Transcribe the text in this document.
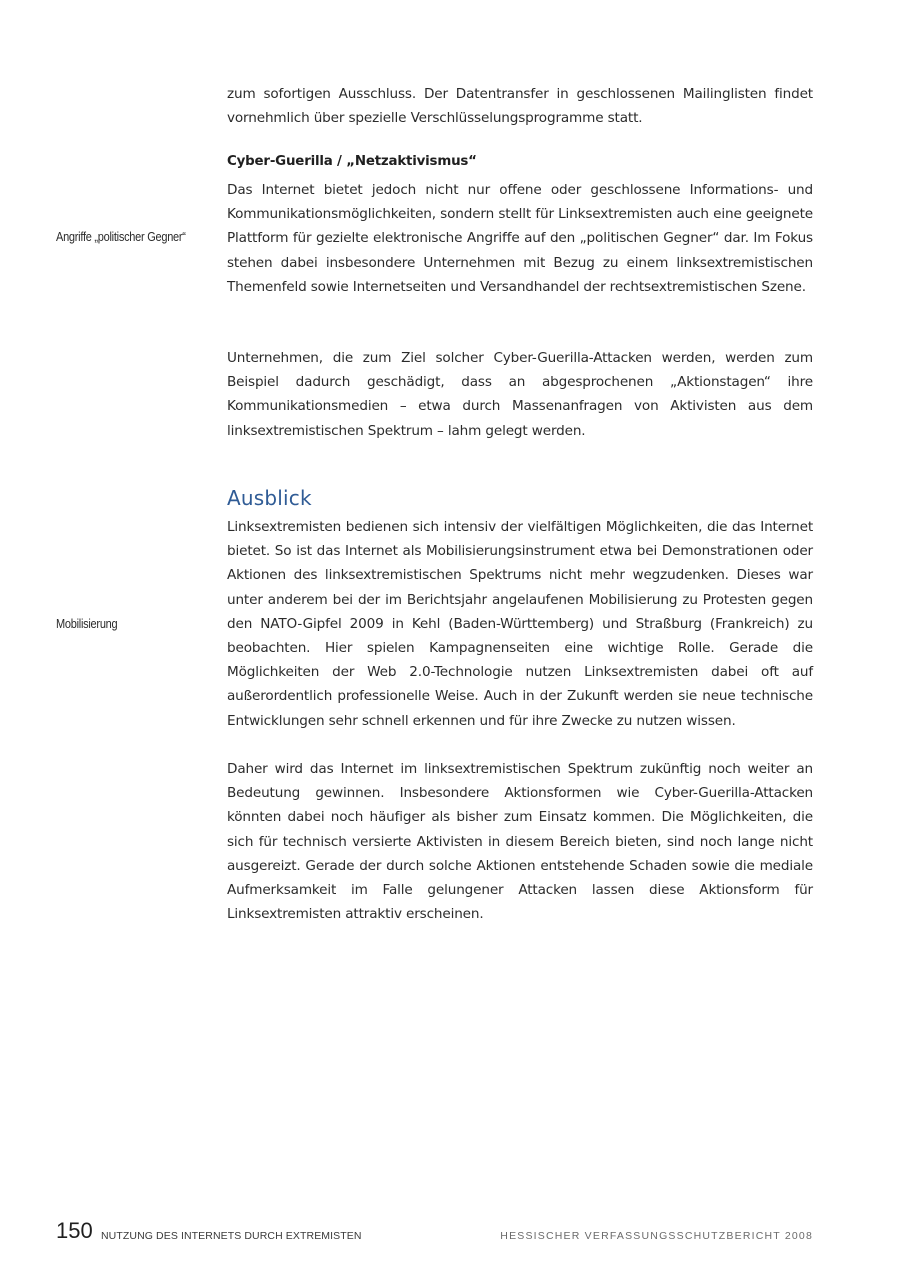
zum sofortigen Ausschluss. Der Datentransfer in geschlossenen Mailinglisten findet vornehmlich über spezielle Verschlüsselungsprogramme statt.

Cyber-Guerilla / „Netzaktivismus“

Das Internet bietet jedoch nicht nur offene oder geschlossene Informations- und Kommunikationsmöglichkeiten, sondern stellt für Linksextremisten auch eine geeignete Plattform für gezielte elektronische Angriffe auf den „politischen Gegner“ dar. Im Fokus stehen dabei insbesondere Unternehmen mit Bezug zu einem linksextremistischen Themenfeld sowie Internetseiten und Versandhandel der rechtsextremistischen Szene.

Angriffe „politischer Gegner“

Unternehmen, die zum Ziel solcher Cyber-Guerilla-Attacken werden, werden zum Beispiel dadurch geschädigt, dass an abgesprochenen „Aktionstagen“ ihre Kommunikationsmedien – etwa durch Massenanfragen von Aktivisten aus dem linksextremistischen Spektrum – lahm gelegt werden.

Ausblick

Linksextremisten bedienen sich intensiv der vielfältigen Möglichkeiten, die das Internet bietet. So ist das Internet als Mobilisierungsinstrument etwa bei Demonstrationen oder Aktionen des linksextremistischen Spektrums nicht mehr wegzudenken. Dieses war unter anderem bei der im Berichtsjahr angelaufenen Mobilisierung zu Protesten gegen den NATO-Gipfel 2009 in Kehl (Baden-Württemberg) und Straßburg (Frankreich) zu beobachten. Hier spielen Kampagnenseiten eine wichtige Rolle. Gerade die Möglichkeiten der Web 2.0-Technologie nutzen Linksextremisten dabei oft auf außerordentlich professionelle Weise. Auch in der Zukunft werden sie neue technische Entwicklungen sehr schnell erkennen und für ihre Zwecke zu nutzen wissen.

Mobilisierung

Daher wird das Internet im linksextremistischen Spektrum zukünftig noch weiter an Bedeutung gewinnen. Insbesondere Aktionsformen wie Cyber-Guerilla-Attacken könnten dabei noch häufiger als bisher zum Einsatz kommen. Die Möglichkeiten, die sich für technisch versierte Aktivisten in diesem Bereich bieten, sind noch lange nicht ausgereizt. Gerade der durch solche Aktionen entstehende Schaden sowie die mediale Aufmerksamkeit im Falle gelungener Attacken lassen diese Aktionsform für Linksextremisten attraktiv erscheinen.

150 NUTZUNG DES INTERNETS DURCH EXTREMISTEN	HESSISCHER VERFASSUNGSSCHUTZBERICHT 2008
